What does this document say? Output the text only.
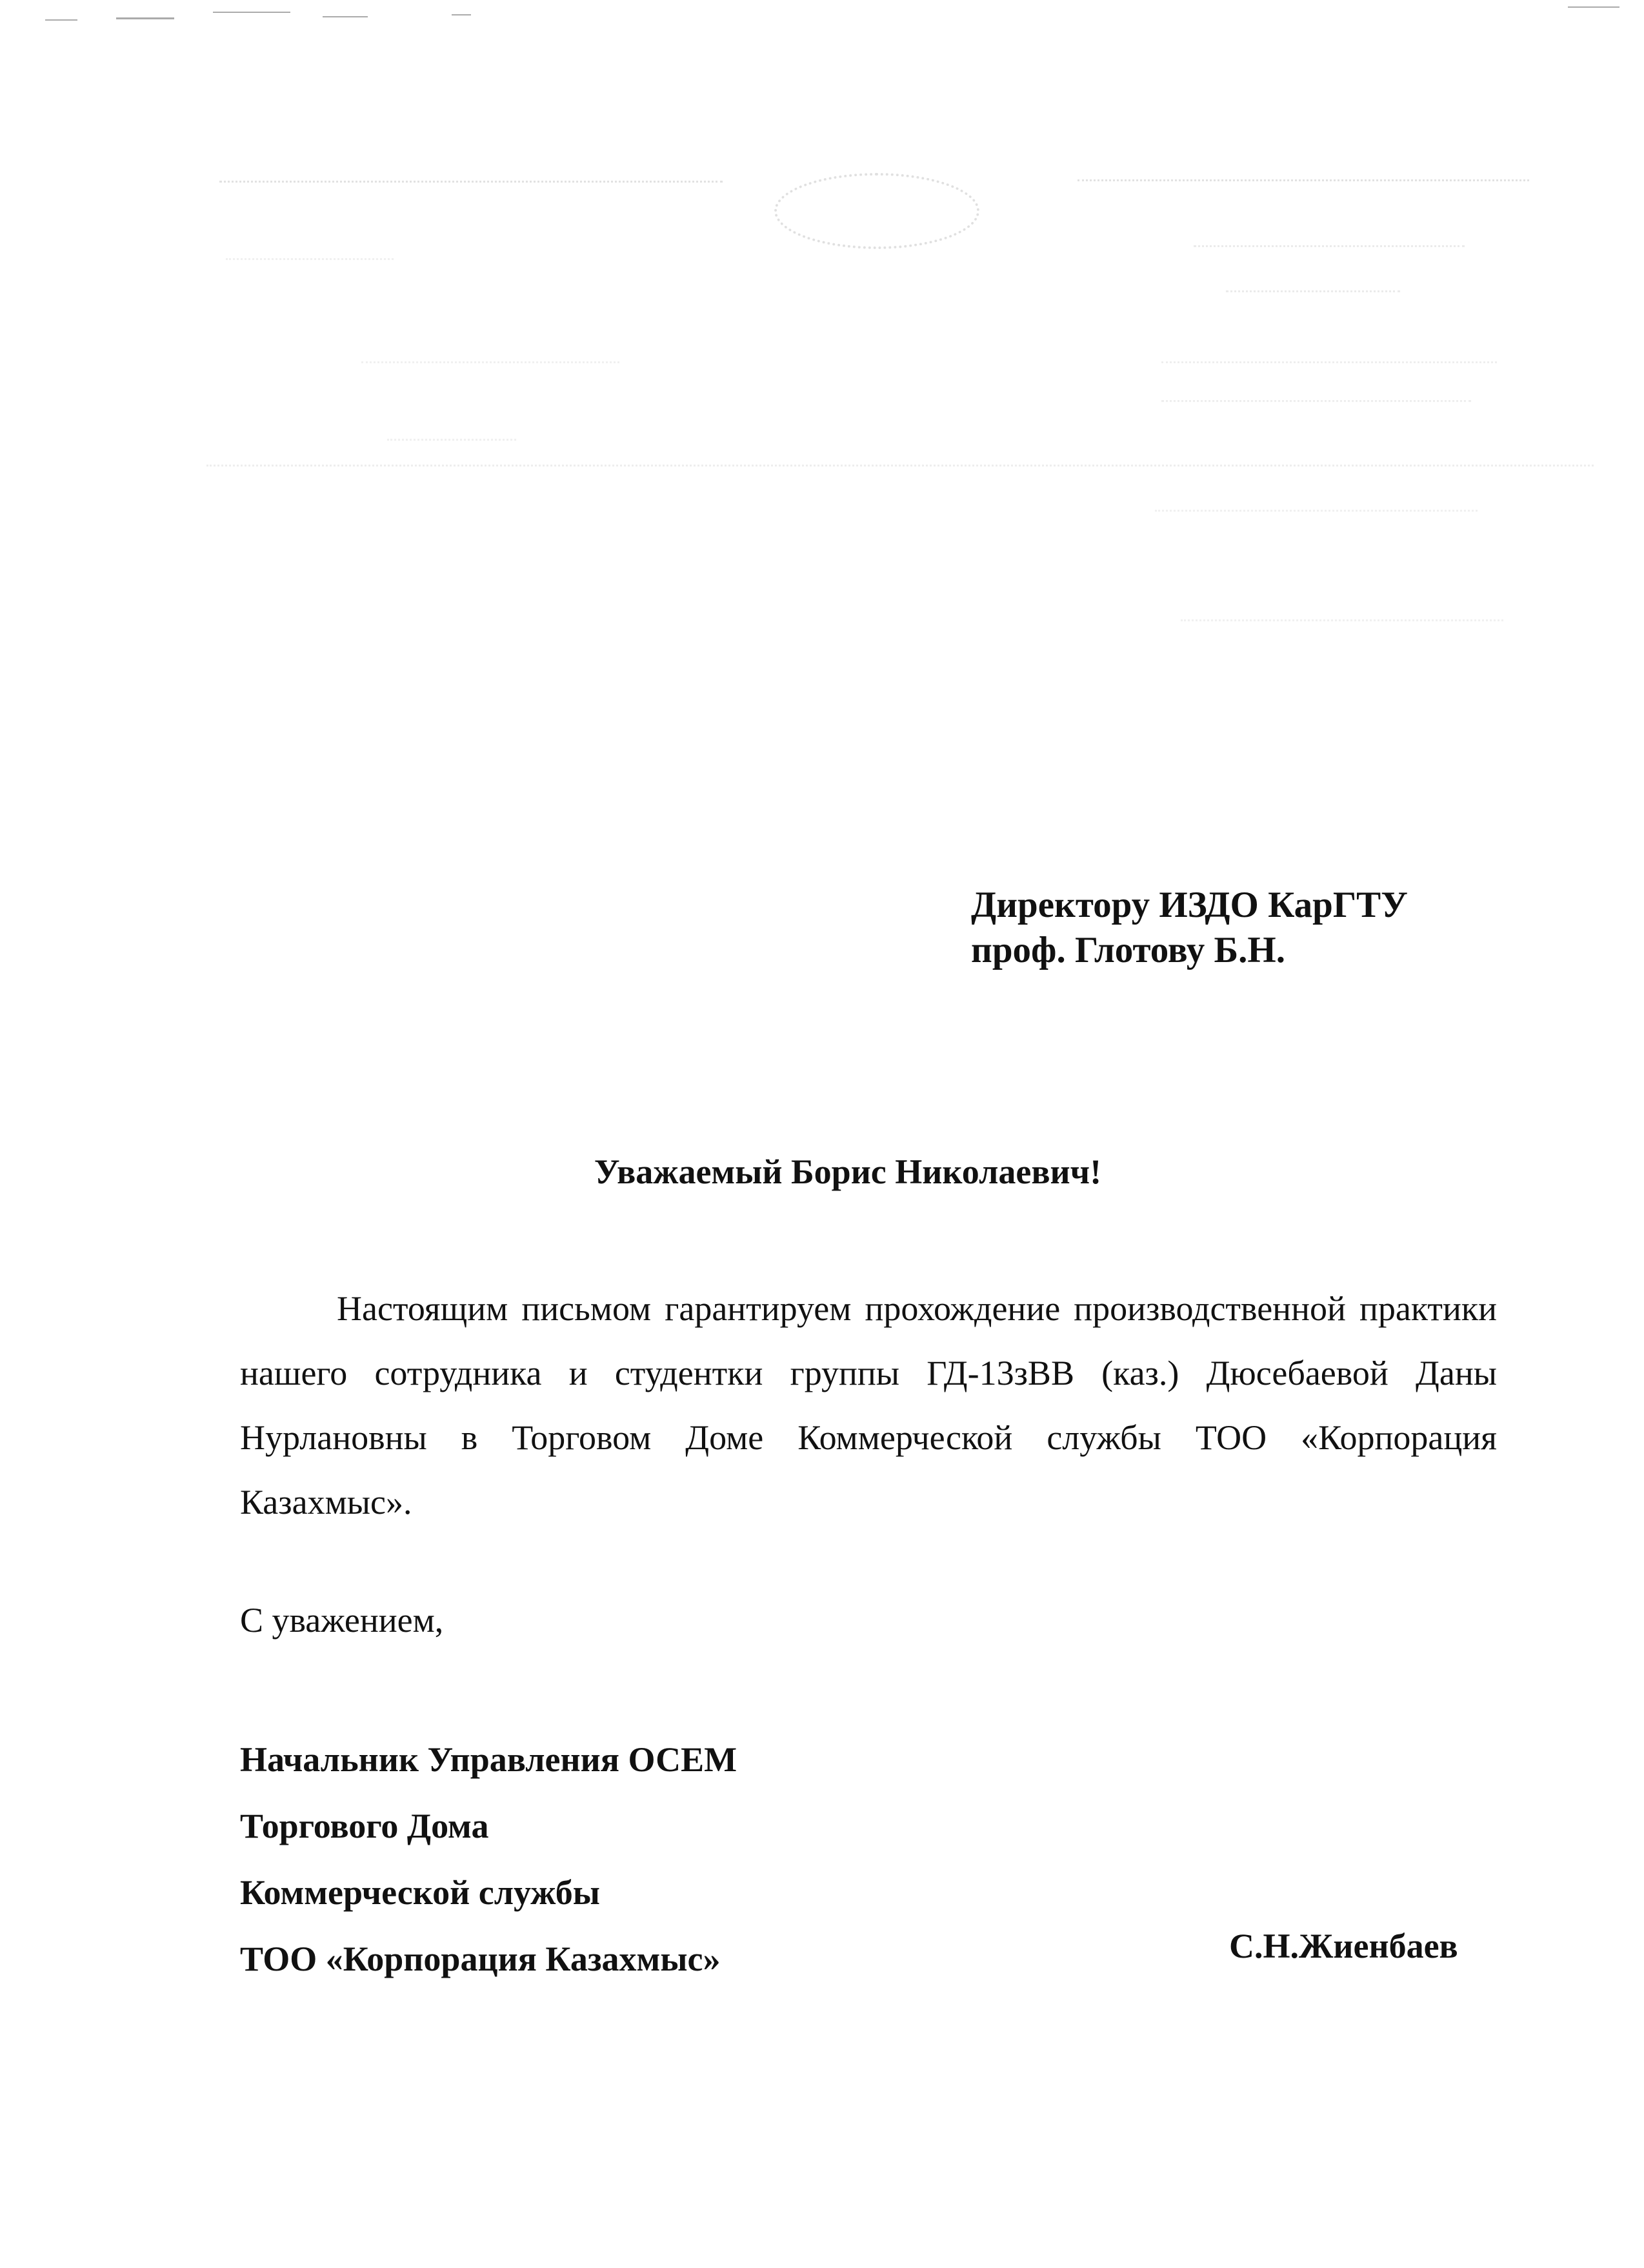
Директору ИЗДО КарГТУ
проф. Глотову Б.Н.
Уважаемый Борис Николаевич!
Настоящим письмом гарантируем прохождение производственной практики нашего сотрудника и студентки группы ГД-13зВВ (каз.) Дюсебаевой Даны Нурлановны в Торговом Доме Коммерческой службы ТОО «Корпорация Казахмыс».
С уважением,
Начальник Управления ОСЕМ
Торгового Дома
Коммерческой службы
ТОО «Корпорация Казахмыс»	С.Н.Жиенбаев
